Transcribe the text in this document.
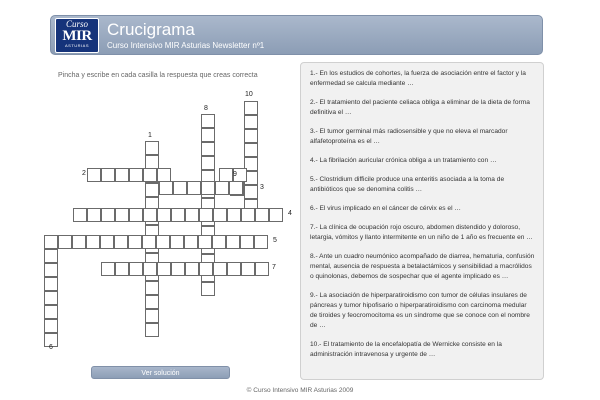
Curso
MIR
ASTURIAS
Crucigrama
Curso Intensivo MIR Asturias Newsletter nº1
Pincha y escribe en cada casilla la respuesta que creas correcta
1
2
3
4
5
6
7
8
9
10
Ver solución

1.- En los estudios de cohortes, la fuerza de asociación entre el factor y la enfermedad se calcula mediante …

2.- El tratamiento del paciente celiaca obliga a eliminar de la dieta de forma definitiva el …

3.- El tumor germinal más radiosensible y que no eleva el marcador alfafetoproteína es el …

4.- La fibrilación auricular crónica obliga a un tratamiento con …

5.- Clostridium difficile produce una enteritis asociada a la toma de antibióticos que se denomina colitis …

6.- El virus implicado en el cáncer de cérvix es el …

7.- La clínica de ocupación rojo oscuro, abdomen distendido y doloroso, letargia, vómitos y llanto intermitente en un niño de 1 año es frecuente en …

8.- Ante un cuadro neumónico acompañado de diarrea, hematuria, confusión mental, ausencia de respuesta a betalactámicos y sensibilidad a macrólidos o quinolonas, debemos de sospechar que el agente implicado es …

9.- La asociación de hiperparatiroidismo con tumor de células insulares de páncreas y tumor hipofisario o hiperparatiroidismo con carcinoma medular de tiroides y feocromocitoma es un síndrome que se conoce con el nombre de …

10.- El tratamiento de la encefalopatía de Wernicke consiste en la administración intravenosa y urgente de …

© Curso Intensivo MIR Asturias 2009
